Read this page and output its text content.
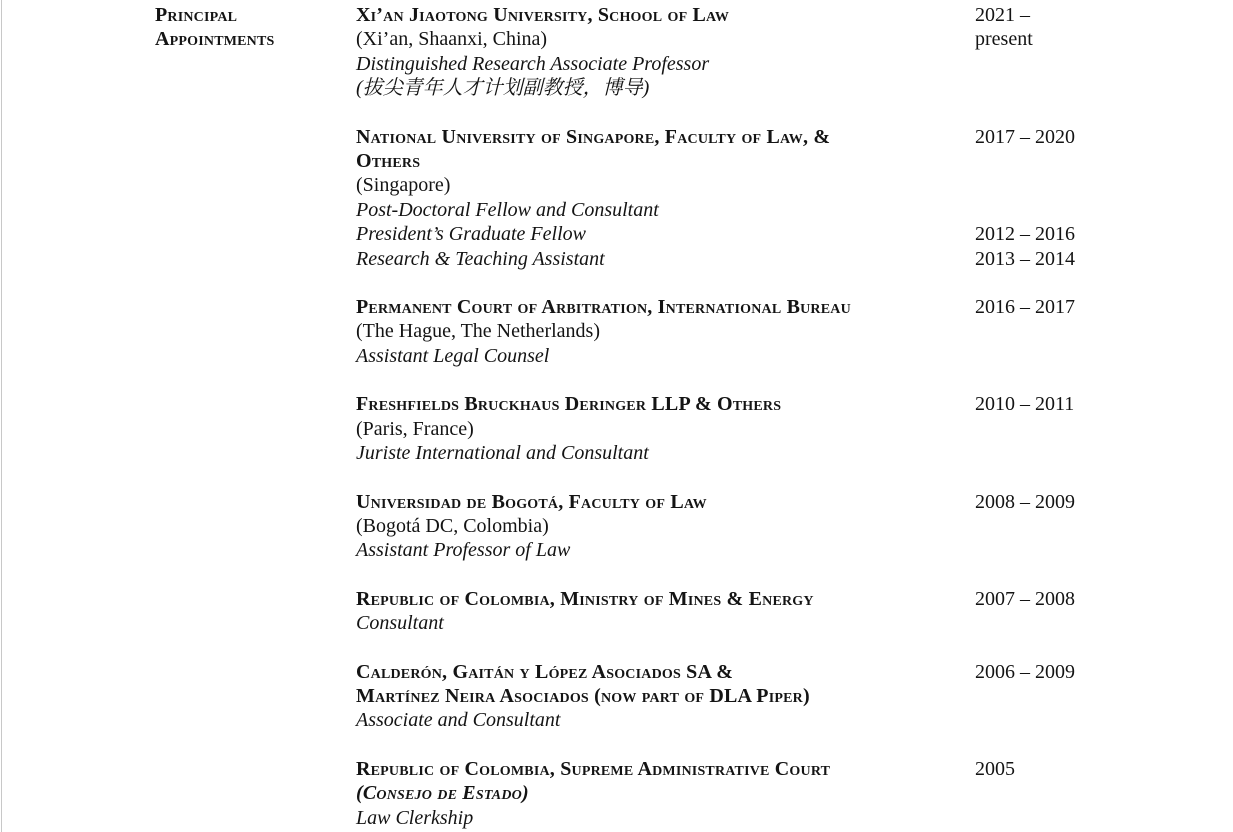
Principal
Appointments
Xi’an Jiaotong University, School of Law	2021 –
(Xi’an, Shaanxi, China)	present
Distinguished Research Associate Professor
(拔尖青年人才计划副教授，博导)
National University of Singapore, Faculty of Law, &	2017 – 2020
Others
(Singapore)
Post-Doctoral Fellow and Consultant
President’s Graduate Fellow	2012 – 2016
Research & Teaching Assistant	2013 – 2014
Permanent Court of Arbitration, International Bureau	2016 – 2017
(The Hague, The Netherlands)
Assistant Legal Counsel
Freshfields Bruckhaus Deringer LLP & Others	2010 – 2011
(Paris, France)
Juriste International and Consultant
Universidad de Bogotá, Faculty of Law	2008 – 2009
(Bogotá DC, Colombia)
Assistant Professor of Law
Republic of Colombia, Ministry of Mines & Energy	2007 – 2008
Consultant
Calderón, Gaitán y López Asociados SA &	2006 – 2009
Martínez Neira Asociados (now part of DLA Piper)
Associate and Consultant
Republic of Colombia, Supreme Administrative Court	2005
(Consejo de Estado)
Law Clerkship
